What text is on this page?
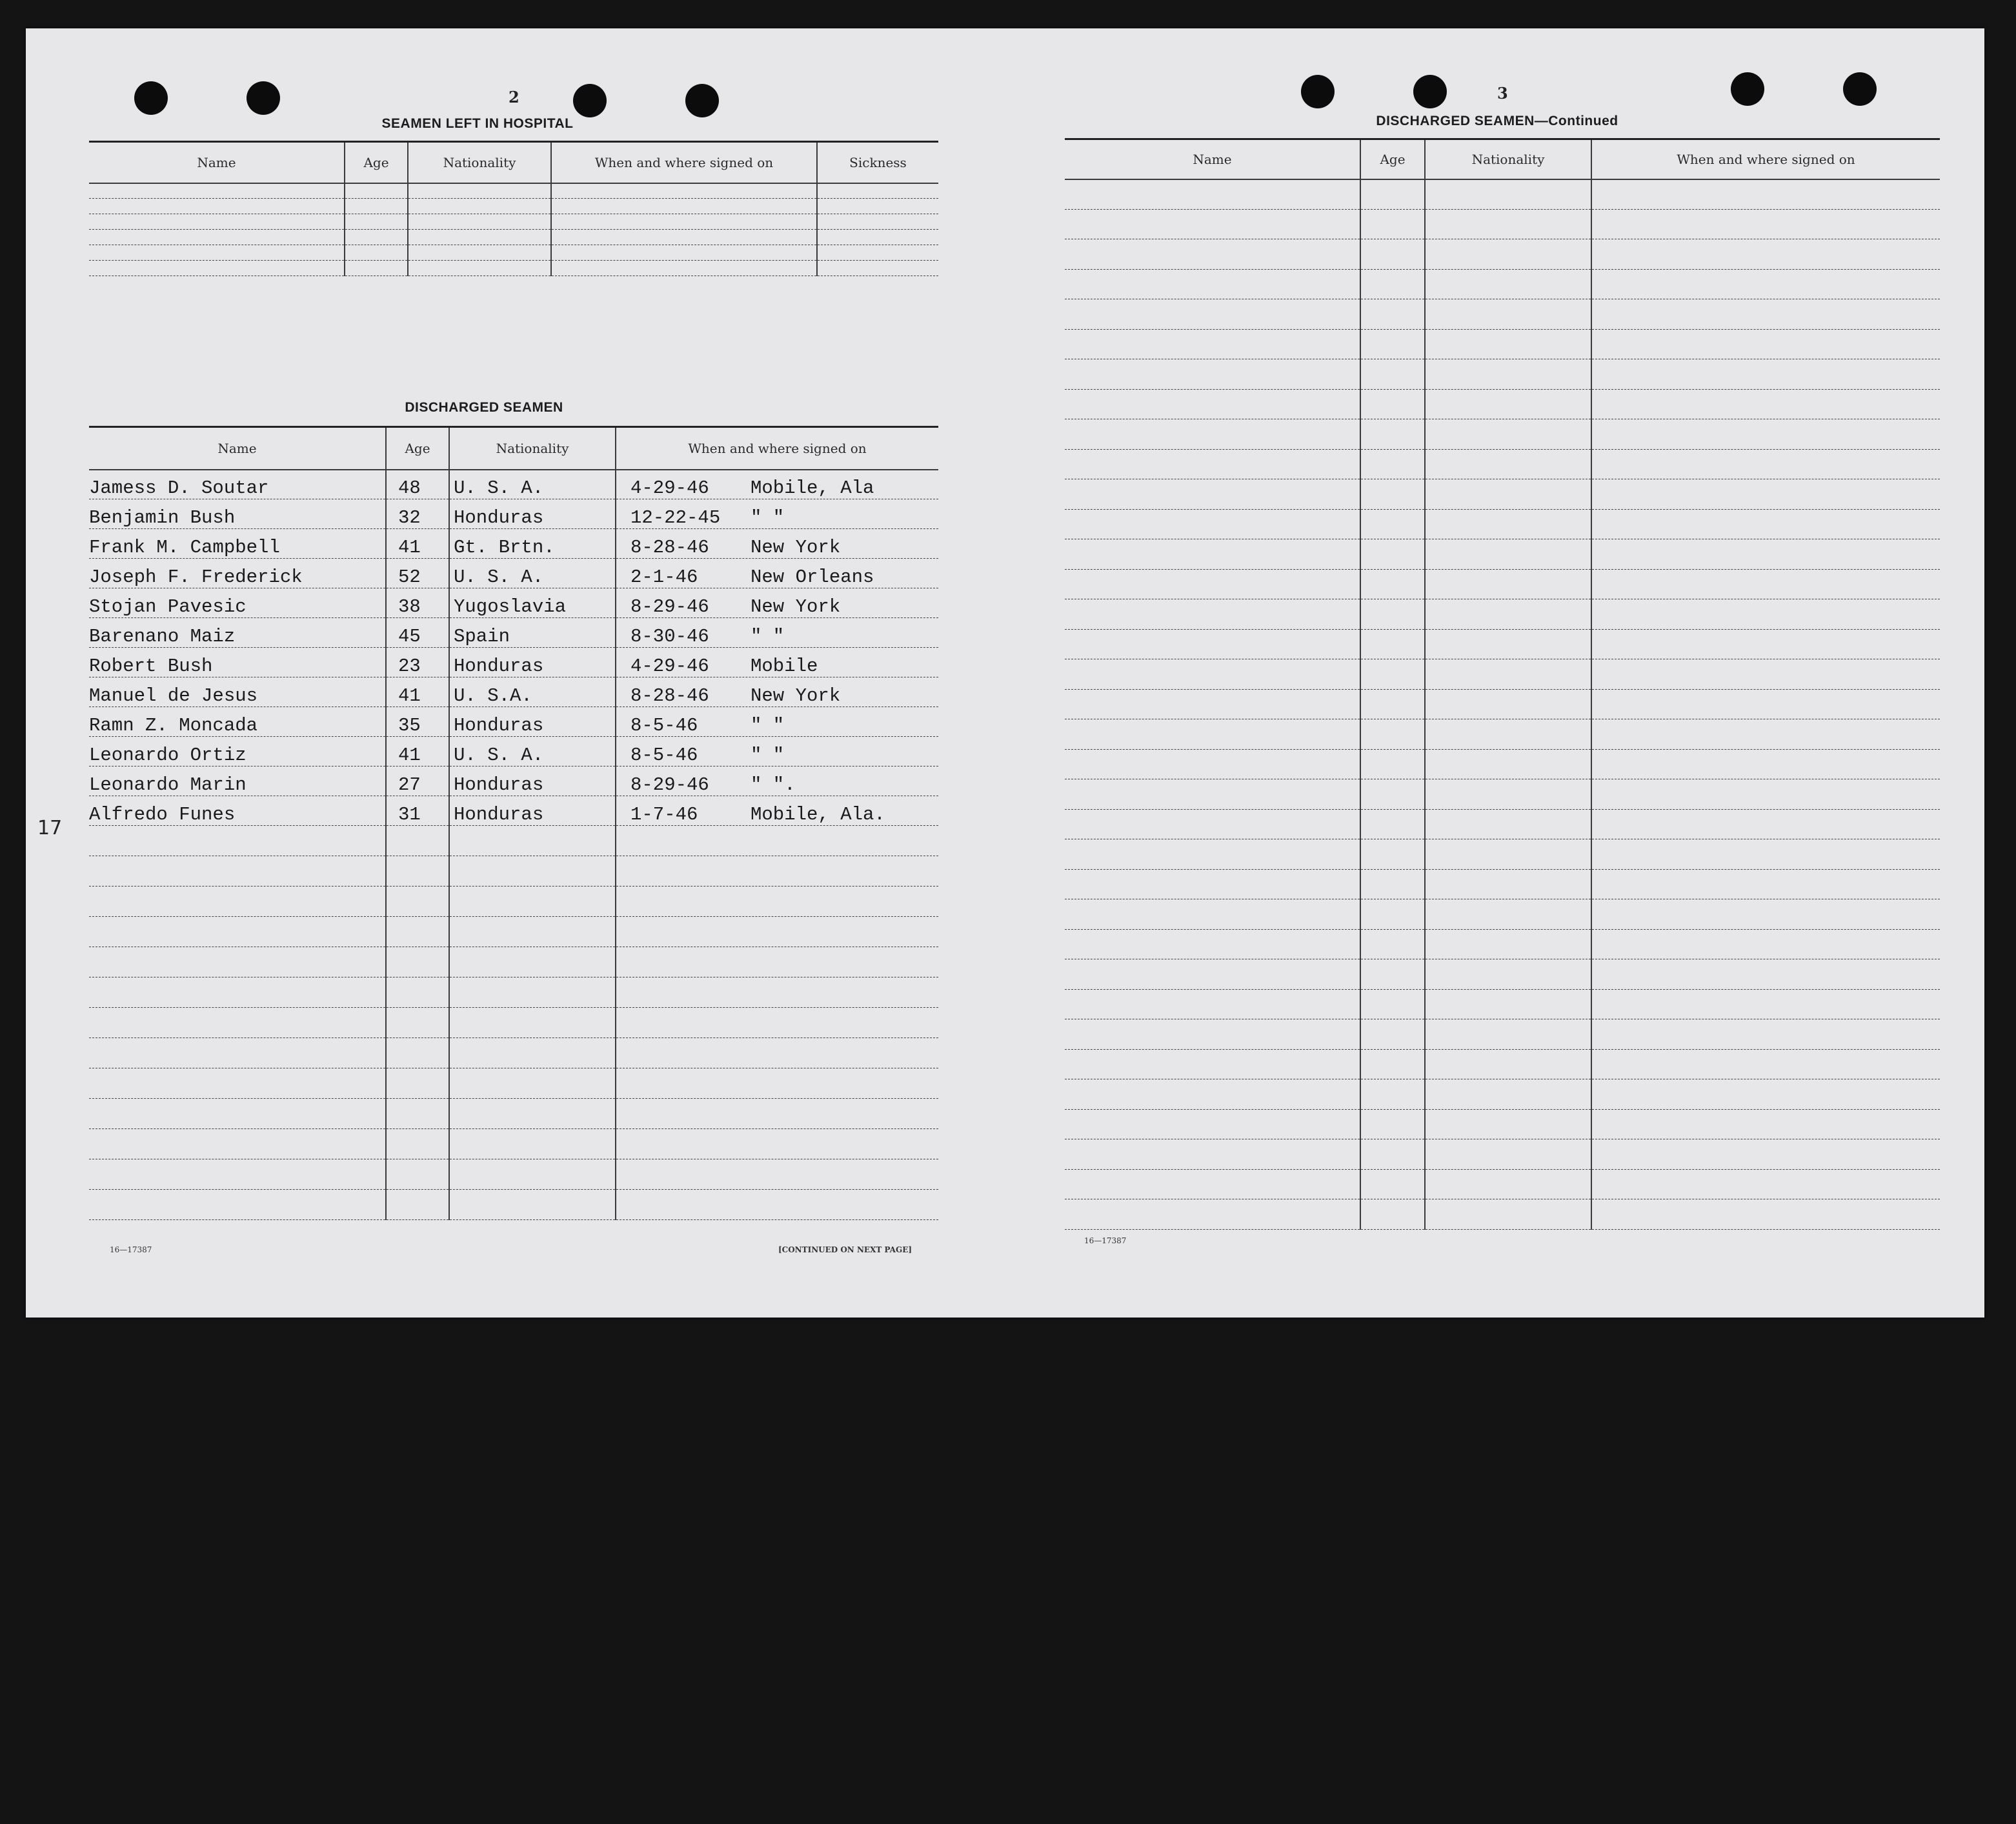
2
SEAMEN LEFT IN HOSPITAL
Name	Age	Nationality	When and where signed on	Sickness

DISCHARGED SEAMEN
Name	Age	Nationality	When and where signed on
Jamess D. Soutar	48	U. S. A.	4-29-46 Mobile, Ala
Benjamin Bush	32	Honduras	12-22-45 " "
Frank M. Campbell	41	Gt. Brtn.	8-28-46 New York
Joseph F. Frederick	52	U. S. A.	2-1-46 New Orleans
Stojan Pavesic	38	Yugoslavia	8-29-46 New York
Barenano Maiz	45	Spain	8-30-46 " "
Robert Bush	23	Honduras	4-29-46 Mobile
Manuel de Jesus	41	U. S.A.	8-28-46 New York
Ramn Z. Moncada	35	Honduras	8-5-46 " "
Leonardo Ortiz	41	U. S. A.	8-5-46 " "
Leonardo Marin	27	Honduras	8-29-46 " ".
Alfredo Funes	31	Honduras	1-7-46 Mobile, Ala.

17
16—17387	[CONTINUED ON NEXT PAGE]
3
DISCHARGED SEAMEN—Continued
Name	Age	Nationality	When and where signed on

16—17387
